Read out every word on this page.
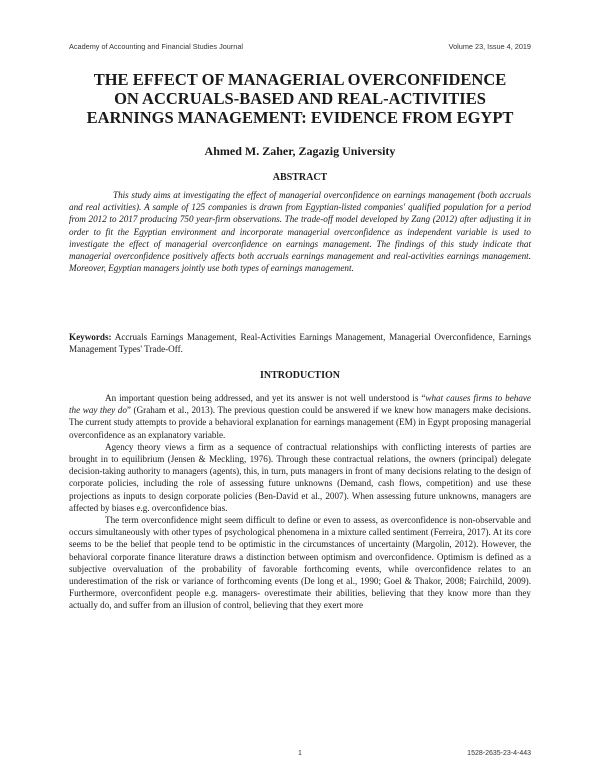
Academy of Accounting and Financial Studies Journal	Volume 23, Issue 4, 2019
THE EFFECT OF MANAGERIAL OVERCONFIDENCE
ON ACCRUALS-BASED AND REAL-ACTIVITIES
EARNINGS MANAGEMENT: EVIDENCE FROM EGYPT

Ahmed M. Zaher, Zagazig University

ABSTRACT

This study aims at investigating the effect of managerial overconfidence on earnings management (both accruals and real activities). A sample of 125 companies is drawn from Egyptian-listed companies' qualified population for a period from 2012 to 2017 producing 750 year-firm observations. The trade-off model developed by Zang (2012) after adjusting it in order to fit the Egyptian environment and incorporate managerial overconfidence as independent variable is used to investigate the effect of managerial overconfidence on earnings management. The findings of this study indicate that managerial overconfidence positively affects both accruals earnings management and real-activities earnings management. Moreover, Egyptian managers jointly use both types of earnings management.

Keywords: Accruals Earnings Management, Real-Activities Earnings Management, Managerial Overconfidence, Earnings Management Types' Trade-Off.

INTRODUCTION

An important question being addressed, and yet its answer is not well understood is “what causes firms to behave the way they do” (Graham et al., 2013). The previous question could be answered if we knew how managers make decisions. The current study attempts to provide a behavioral explanation for earnings management (EM) in Egypt proposing managerial overconfidence as an explanatory variable.

Agency theory views a firm as a sequence of contractual relationships with conflicting interests of parties are brought in to equilibrium (Jensen & Meckling, 1976). Through these contractual relations, the owners (principal) delegate decision-taking authority to managers (agents), this, in turn, puts managers in front of many decisions relating to the design of corporate policies, including the role of assessing future unknowns (Demand, cash flows, competition) and use these projections as inputs to design corporate policies (Ben-David et al., 2007). When assessing future unknowns, managers are affected by biases e.g. overconfidence bias.

The term overconfidence might seem difficult to define or even to assess, as overconfidence is non-observable and occurs simultaneously with other types of psychological phenomena in a mixture called sentiment (Ferreira, 2017). At its core seems to be the belief that people tend to be optimistic in the circumstances of uncertainty (Margolin, 2012). However, the behavioral corporate finance literature draws a distinction between optimism and overconfidence. Optimism is defined as a subjective overvaluation of the probability of favorable forthcoming events, while overconfidence relates to an underestimation of the risk or variance of forthcoming events (De long et al., 1990; Goel & Thakor, 2008; Fairchild, 2009). Furthermore, overconfident people e.g. managers- overestimate their abilities, believing that they know more than they actually do, and suffer from an illusion of control, believing that they exert more

1	1528-2635-23-4-443
